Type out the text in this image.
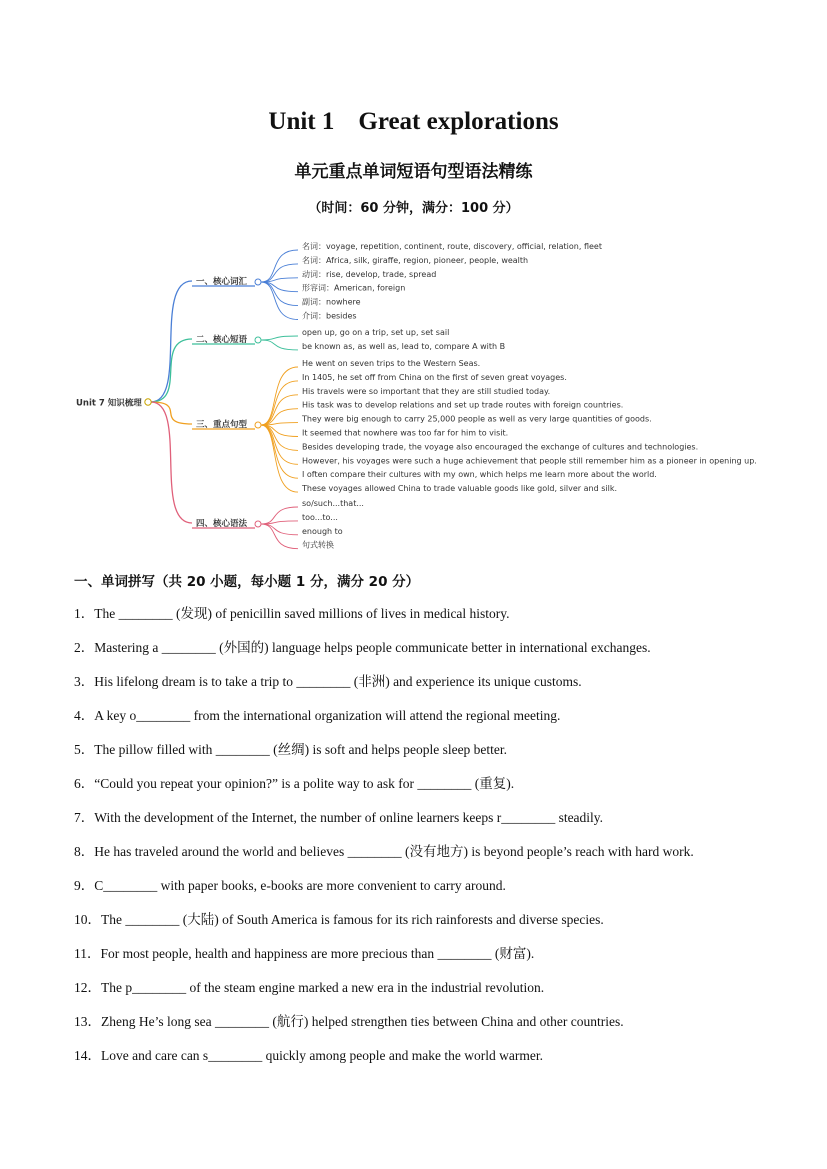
Unit 1 Great explorations
单元重点单词短语句型语法精练
（时间：60 分钟，满分：100 分）
Unit 7 知识梳理
一、核心词汇
名词：voyage, repetition, continent, route, discovery, official, relation, fleet
名词：Africa, silk, giraffe, region, pioneer, people, wealth
动词：rise, develop, trade, spread
形容词：American, foreign
副词：nowhere
介词：besides
二、核心短语
open up, go on a trip, set up, set sail
be known as, as well as, lead to, compare A with B
三、重点句型
He went on seven trips to the Western Seas.
In 1405, he set off from China on the first of seven great voyages.
His travels were so important that they are still studied today.
His task was to develop relations and set up trade routes with foreign countries.
They were big enough to carry 25,000 people as well as very large quantities of goods.
It seemed that nowhere was too far for him to visit.
Besides developing trade, the voyage also encouraged the exchange of cultures and technologies.
However, his voyages were such a huge achievement that people still remember him as a pioneer in opening up.
I often compare their cultures with my own, which helps me learn more about the world.
These voyages allowed China to trade valuable goods like gold, silver and silk.
四、核心语法
so/such...that...
too...to...
enough to
句式转换
一、单词拼写（共 20 小题，每小题 1 分，满分 20 分）
1．The ________ (发现) of penicillin saved millions of lives in medical history.
2．Mastering a ________ (外国的) language helps people communicate better in international exchanges.
3．His lifelong dream is to take a trip to ________ (非洲) and experience its unique customs.
4．A key o________ from the international organization will attend the regional meeting.
5．The pillow filled with ________ (丝绸) is soft and helps people sleep better.
6．“Could you repeat your opinion?” is a polite way to ask for ________ (重复).
7．With the development of the Internet, the number of online learners keeps r________ steadily.
8．He has traveled around the world and believes ________ (没有地方) is beyond people’s reach with hard work.
9．C________ with paper books, e-books are more convenient to carry around.
10．The ________ (大陆) of South America is famous for its rich rainforests and diverse species.
11．For most people, health and happiness are more precious than ________ (财富).
12．The p________ of the steam engine marked a new era in the industrial revolution.
13．Zheng He’s long sea ________ (航行) helped strengthen ties between China and other countries.
14．Love and care can s________ quickly among people and make the world warmer.
